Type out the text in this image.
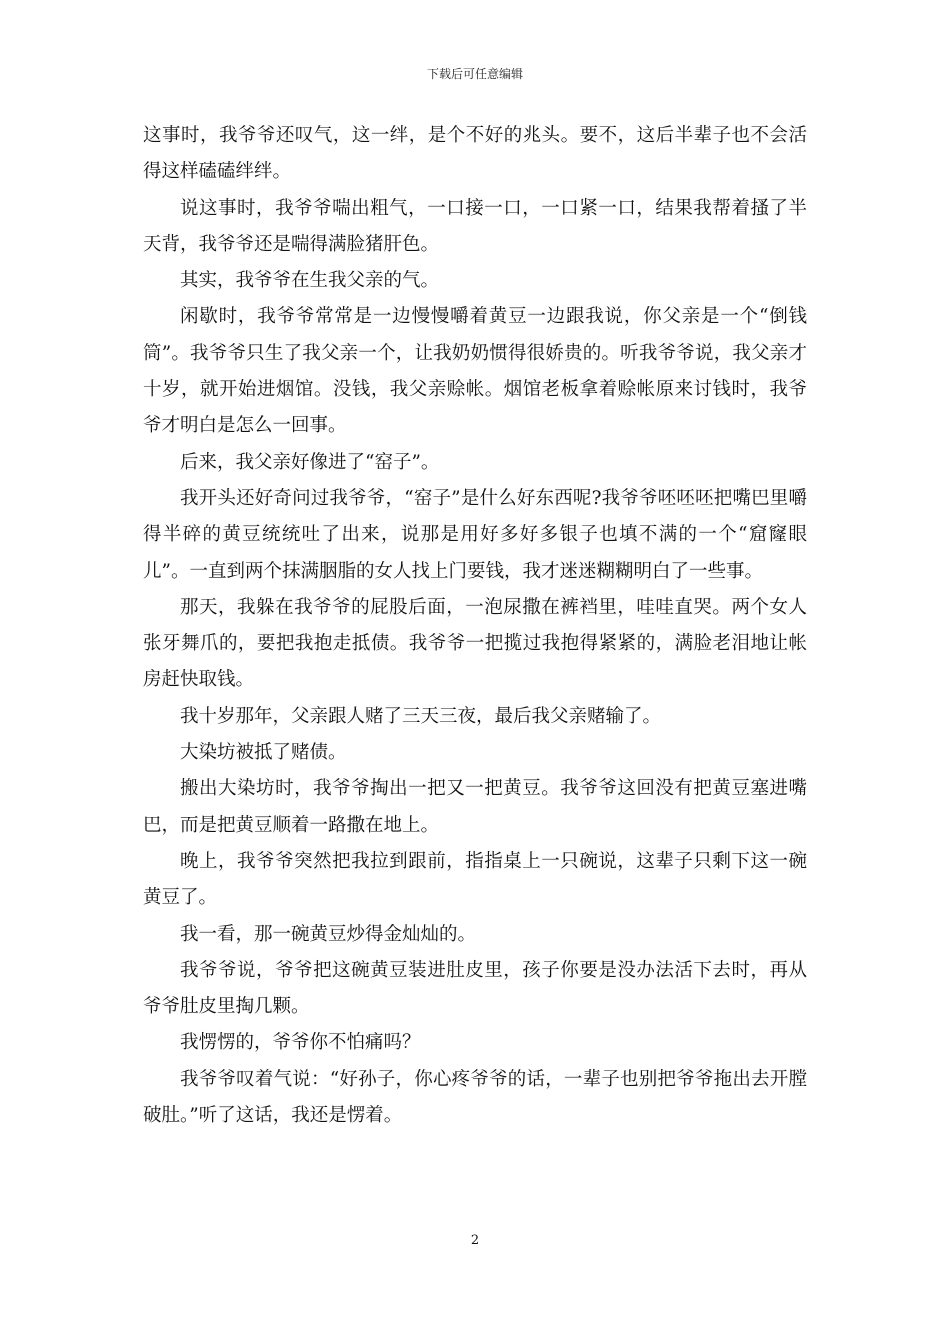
下载后可任意编辑

这事时，我爷爷还叹气，这一绊，是个不好的兆头。要不，这后半辈子也不会活得这样磕磕绊绊。

说这事时，我爷爷喘出粗气，一口接一口，一口紧一口，结果我帮着搔了半天背，我爷爷还是喘得满脸猪肝色。

其实，我爷爷在生我父亲的气。

闲歇时，我爷爷常常是一边慢慢嚼着黄豆一边跟我说，你父亲是一个“倒钱筒”。我爷爷只生了我父亲一个，让我奶奶惯得很娇贵的。听我爷爷说，我父亲才十岁，就开始进烟馆。没钱，我父亲赊帐。烟馆老板拿着赊帐原来讨钱时，我爷爷才明白是怎么一回事。

后来，我父亲好像进了“窑子”。

我开头还好奇问过我爷爷，“窑子”是什么好东西呢?我爷爷呸呸呸把嘴巴里嚼得半碎的黄豆统统吐了出来，说那是用好多好多银子也填不满的一个“窟窿眼儿”。一直到两个抹满胭脂的女人找上门要钱，我才迷迷糊糊明白了一些事。

那天，我躲在我爷爷的屁股后面，一泡尿撒在裤裆里，哇哇直哭。两个女人张牙舞爪的，要把我抱走抵债。我爷爷一把揽过我抱得紧紧的，满脸老泪地让帐房赶快取钱。

我十岁那年，父亲跟人赌了三天三夜，最后我父亲赌输了。

大染坊被抵了赌债。

搬出大染坊时，我爷爷掏出一把又一把黄豆。我爷爷这回没有把黄豆塞进嘴巴，而是把黄豆顺着一路撒在地上。

晚上，我爷爷突然把我拉到跟前，指指桌上一只碗说，这辈子只剩下这一碗黄豆了。

我一看，那一碗黄豆炒得金灿灿的。

我爷爷说，爷爷把这碗黄豆装进肚皮里，孩子你要是没办法活下去时，再从爷爷肚皮里掏几颗。

我愣愣的，爷爷你不怕痛吗？

我爷爷叹着气说：“好孙子，你心疼爷爷的话，一辈子也别把爷爷拖出去开膛破肚。”听了这话，我还是愣着。

2
